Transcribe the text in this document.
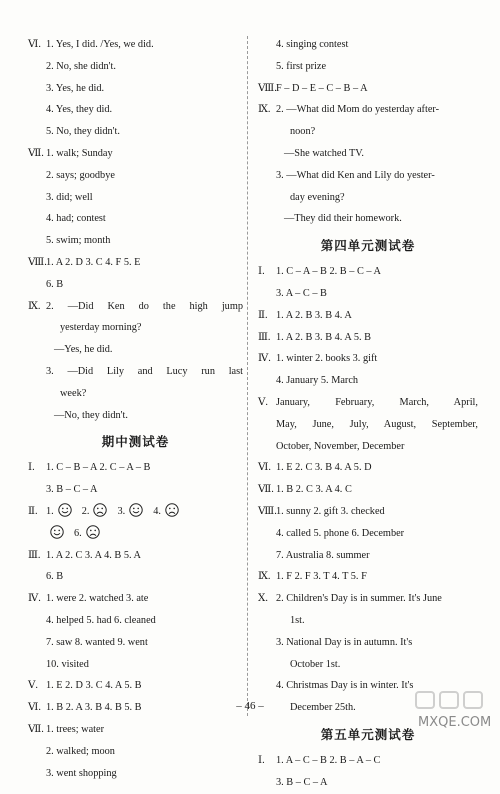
Ⅵ. 1. Yes, I did. /Yes, we did.
2. No, she didn't.
3. Yes, he did.
4. Yes, they did.
5. No, they didn't.
Ⅶ. 1. walk; Sunday
2. says; goodbye
3. did; well
4. had; contest
5. swim; month
Ⅷ. 1. A 2. D 3. C 4. F 5. E
6. B
Ⅸ. 2. —Did Ken do the high jump
yesterday morning?
—Yes, he did.
3. —Did Lily and Lucy run last
week?
—No, they didn't.
期中测试卷
Ⅰ. 1. C – B – A 2. C – A – B
3. B – C – A
Ⅱ. 1.	2.	3.	4.
6.
Ⅲ. 1. A 2. C 3. A 4. B 5. A
6. B
Ⅳ. 1. were 2. watched 3. ate
4. helped 5. had 6. cleaned
7. saw 8. wanted 9. went
10. visited
Ⅴ. 1. E 2. D 3. C 4. A 5. B
Ⅵ. 1. B 2. A 3. B 4. B 5. B
Ⅶ. 1. trees; water
2. walked; moon
3. went shopping
4. singing contest
5. first prize
Ⅷ. F – D – E – C – B – A
Ⅸ. 2. —What did Mom do yesterday after-
noon?
—She watched TV.
3. —What did Ken and Lily do yester-
day evening?
—They did their homework.
第四单元测试卷
Ⅰ. 1. C – A – B 2. B – C – A
3. A – C – B
Ⅱ. 1. A 2. B 3. B 4. A
Ⅲ. 1. A 2. B 3. B 4. A 5. B
Ⅳ. 1. winter 2. books 3. gift
4. January 5. March
Ⅴ. January, February, March, April,
May, June, July, August, September,
October, November, December
Ⅵ. 1. E 2. C 3. B 4. A 5. D
Ⅶ. 1. B 2. C 3. A 4. C
Ⅷ. 1. sunny 2. gift 3. checked
4. called 5. phone 6. December
7. Australia 8. summer
Ⅸ. 1. F 2. F 3. T 4. T 5. F
Ⅹ. 2. Children's Day is in summer. It's June
1st.
3. National Day is in autumn. It's
October 1st.
4. Christmas Day is in winter. It's
December 25th.
第五单元测试卷
Ⅰ. 1. A – C – B 2. B – A – C
3. B – C – A
– 46 –
MXQE.COM
